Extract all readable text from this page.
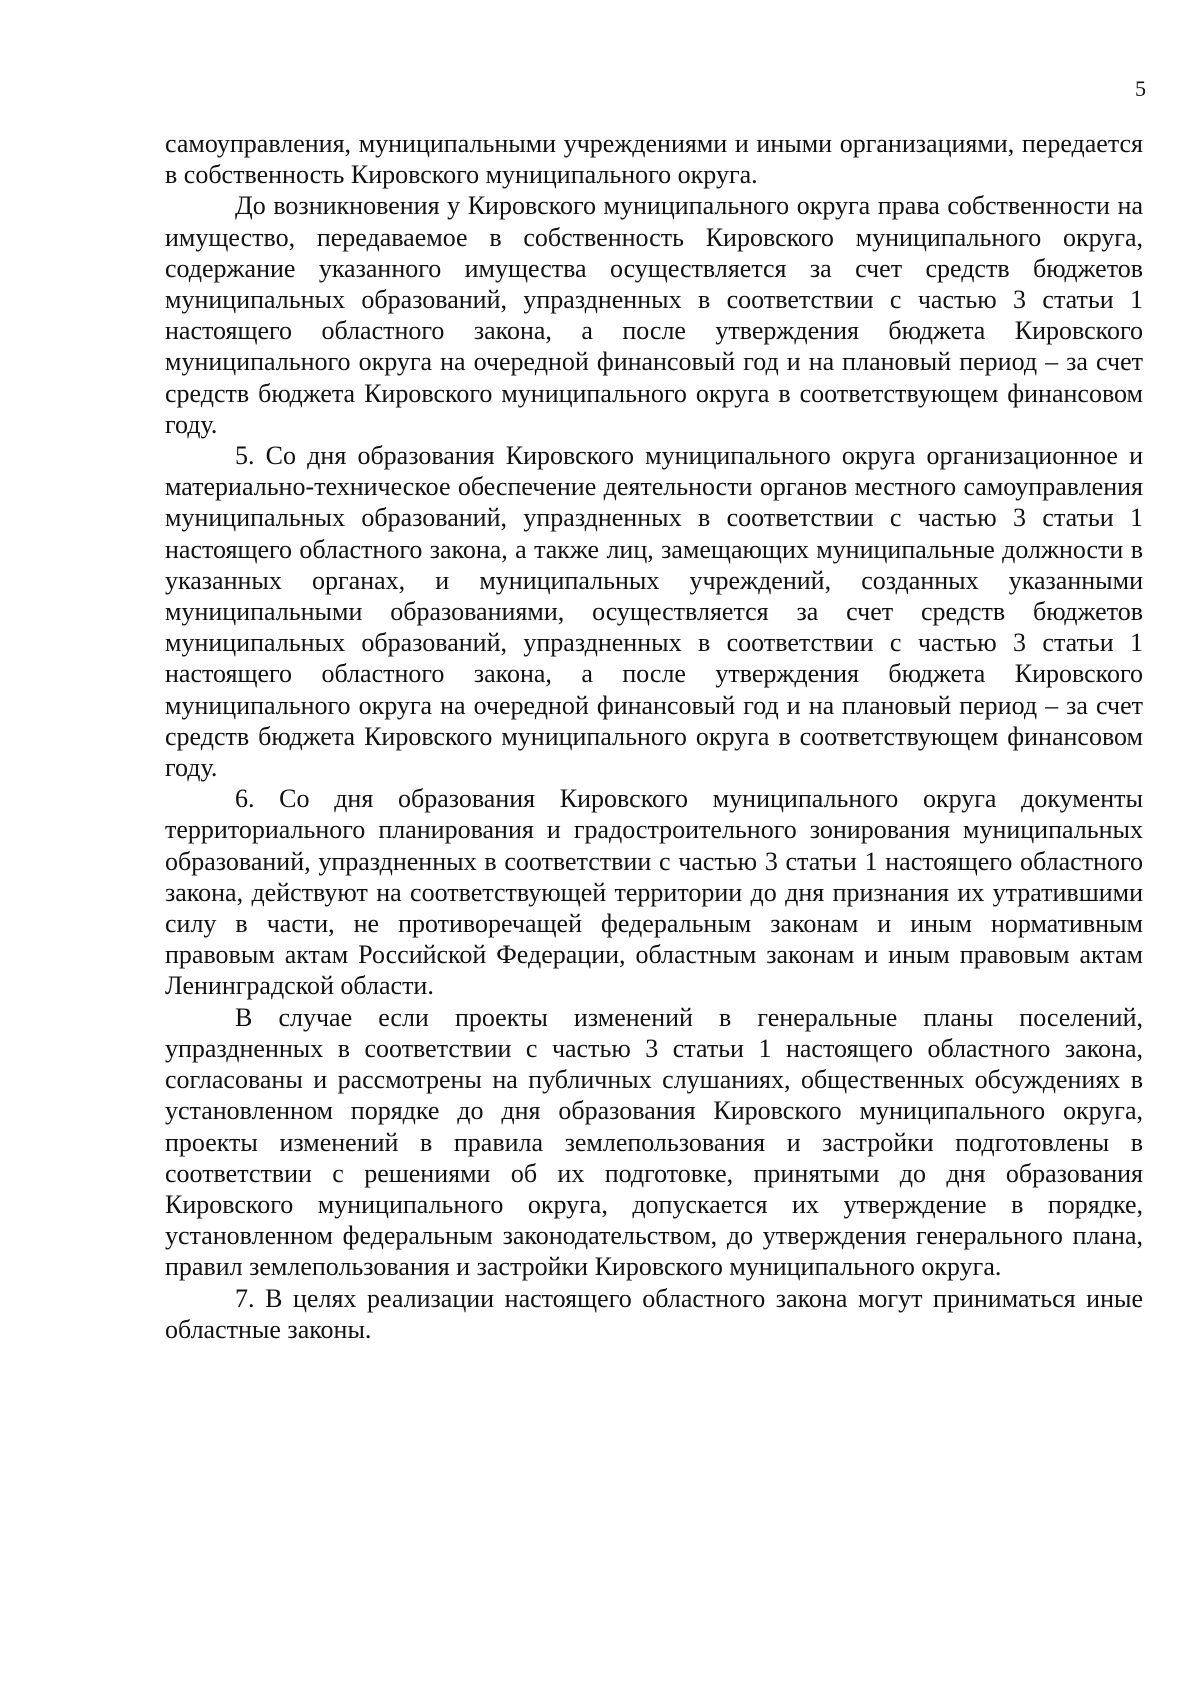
5

самоуправления, муниципальными учреждениями и иными организациями, передается в собственность Кировского муниципального округа.

До возникновения у Кировского муниципального округа права собственности на имущество, передаваемое в собственность Кировского муниципального округа, содержание указанного имущества осуществляется за счет средств бюджетов муниципальных образований, упраздненных в соответствии с частью 3 статьи 1 настоящего областного закона, а после утверждения бюджета Кировского муниципального округа на очередной финансовый год и на плановый период – за счет средств бюджета Кировского муниципального округа в соответствующем финансовом году.

5. Со дня образования Кировского муниципального округа организационное и материально-техническое обеспечение деятельности органов местного самоуправления муниципальных образований, упраздненных в соответствии с частью 3 статьи 1 настоящего областного закона, а также лиц, замещающих муниципальные должности в указанных органах, и муниципальных учреждений, созданных указанными муниципальными образованиями, осуществляется за счет средств бюджетов муниципальных образований, упраздненных в соответствии с частью 3 статьи 1 настоящего областного закона, а после утверждения бюджета Кировского муниципального округа на очередной финансовый год и на плановый период – за счет средств бюджета Кировского муниципального округа в соответствующем финансовом году.

6. Со дня образования Кировского муниципального округа документы территориального планирования и градостроительного зонирования муниципальных образований, упраздненных в соответствии с частью 3 статьи 1 настоящего областного закона, действуют на соответствующей территории до дня признания их утратившими силу в части, не противоречащей федеральным законам и иным нормативным правовым актам Российской Федерации, областным законам и иным правовым актам Ленинградской области.

В случае если проекты изменений в генеральные планы поселений, упраздненных в соответствии с частью 3 статьи 1 настоящего областного закона, согласованы и рассмотрены на публичных слушаниях, общественных обсуждениях в установленном порядке до дня образования Кировского муниципального округа, проекты изменений в правила землепользования и застройки подготовлены в соответствии с решениями об их подготовке, принятыми до дня образования Кировского муниципального округа, допускается их утверждение в порядке, установленном федеральным законодательством, до утверждения генерального плана, правил землепользования и застройки Кировского муниципального округа.

7. В целях реализации настоящего областного закона могут приниматься иные областные законы.
